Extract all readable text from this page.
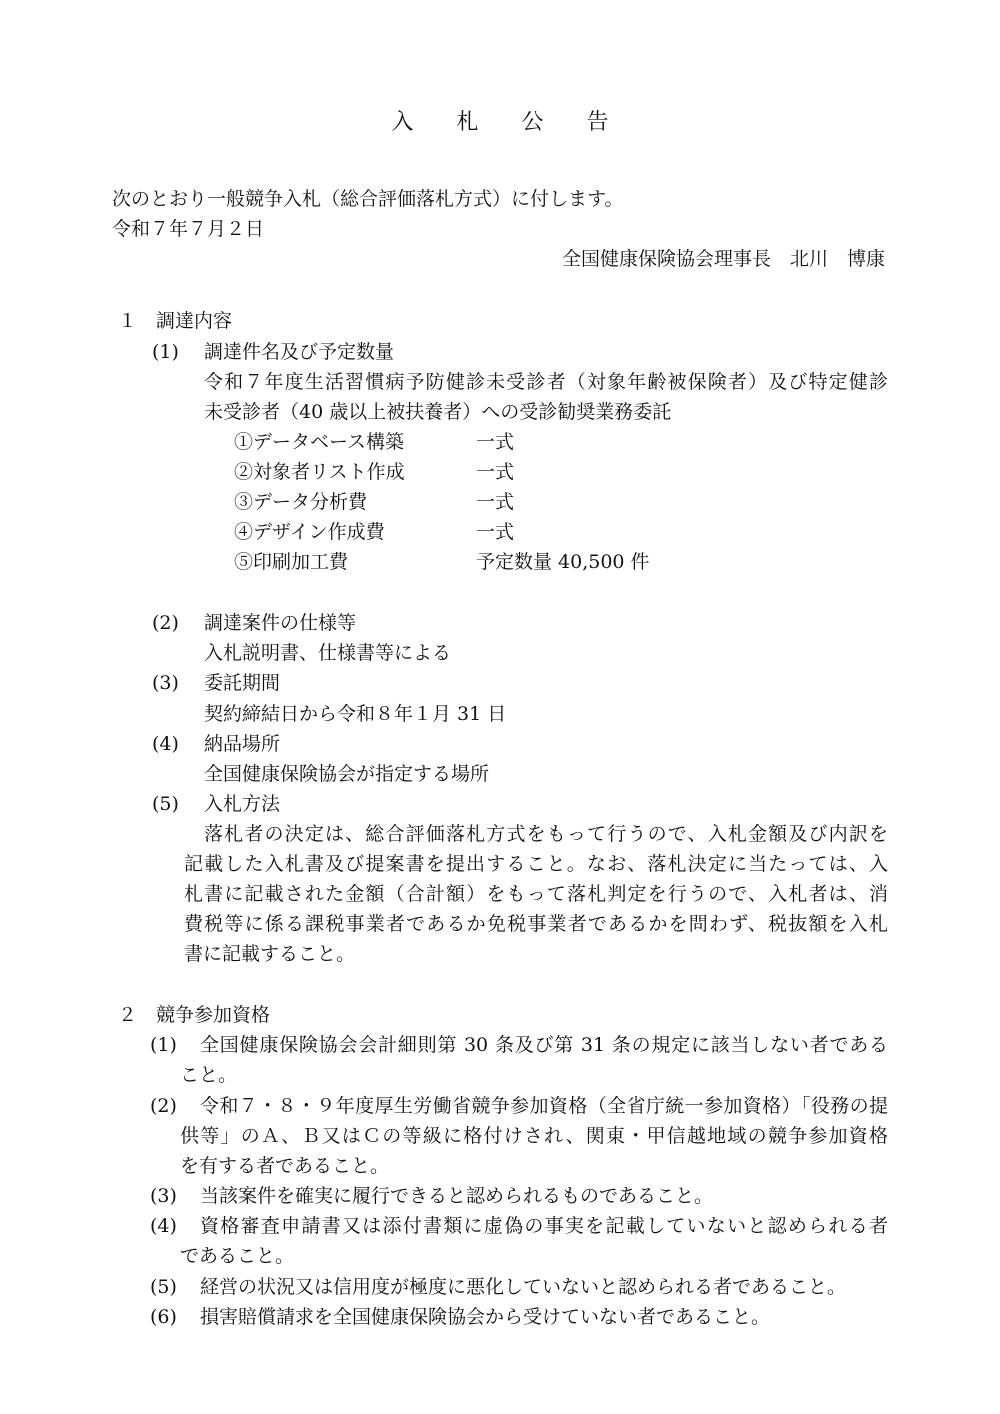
入 札 公 告
次のとおり一般競争入札（総合評価落札方式）に付します。
令和７年７月２日
全国健康保険協会理事長　北川　博康
１　調達内容
(1) 調達件名及び予定数量
令和７年度生活習慣病予防健診未受診者（対象年齢被保険者）及び特定健診
未受診者（40 歳以上被扶養者）への受診勧奨業務委託
①データベース構築	一式
②対象者リスト作成	一式
③データ分析費	一式
④デザイン作成費	一式
⑤印刷加工費	予定数量 40,500 件
(2) 調達案件の仕様等
入札説明書、仕様書等による
(3) 委託期間
契約締結日から令和８年１月 31 日
(4) 納品場所
全国健康保険協会が指定する場所
(5) 入札方法
落札者の決定は、総合評価落札方式をもって行うので、入札金額及び内訳を
記載した入札書及び提案書を提出すること。なお、落札決定に当たっては、入
札書に記載された金額（合計額）をもって落札判定を行うので、入札者は、消
費税等に係る課税事業者であるか免税事業者であるかを問わず、税抜額を入札
書に記載すること。
２　競争参加資格
(1) 全国健康保険協会会計細則第 30 条及び第 31 条の規定に該当しない者である
こと。
(2) 令和７・８・９年度厚生労働省競争参加資格（全省庁統一参加資格）「役務の提
供等」のＡ、Ｂ又はＣの等級に格付けされ、関東・甲信越地域の競争参加資格
を有する者であること。
(3) 当該案件を確実に履行できると認められるものであること。
(4) 資格審査申請書又は添付書類に虚偽の事実を記載していないと認められる者
であること。
(5) 経営の状況又は信用度が極度に悪化していないと認められる者であること。
(6) 損害賠償請求を全国健康保険協会から受けていない者であること。
